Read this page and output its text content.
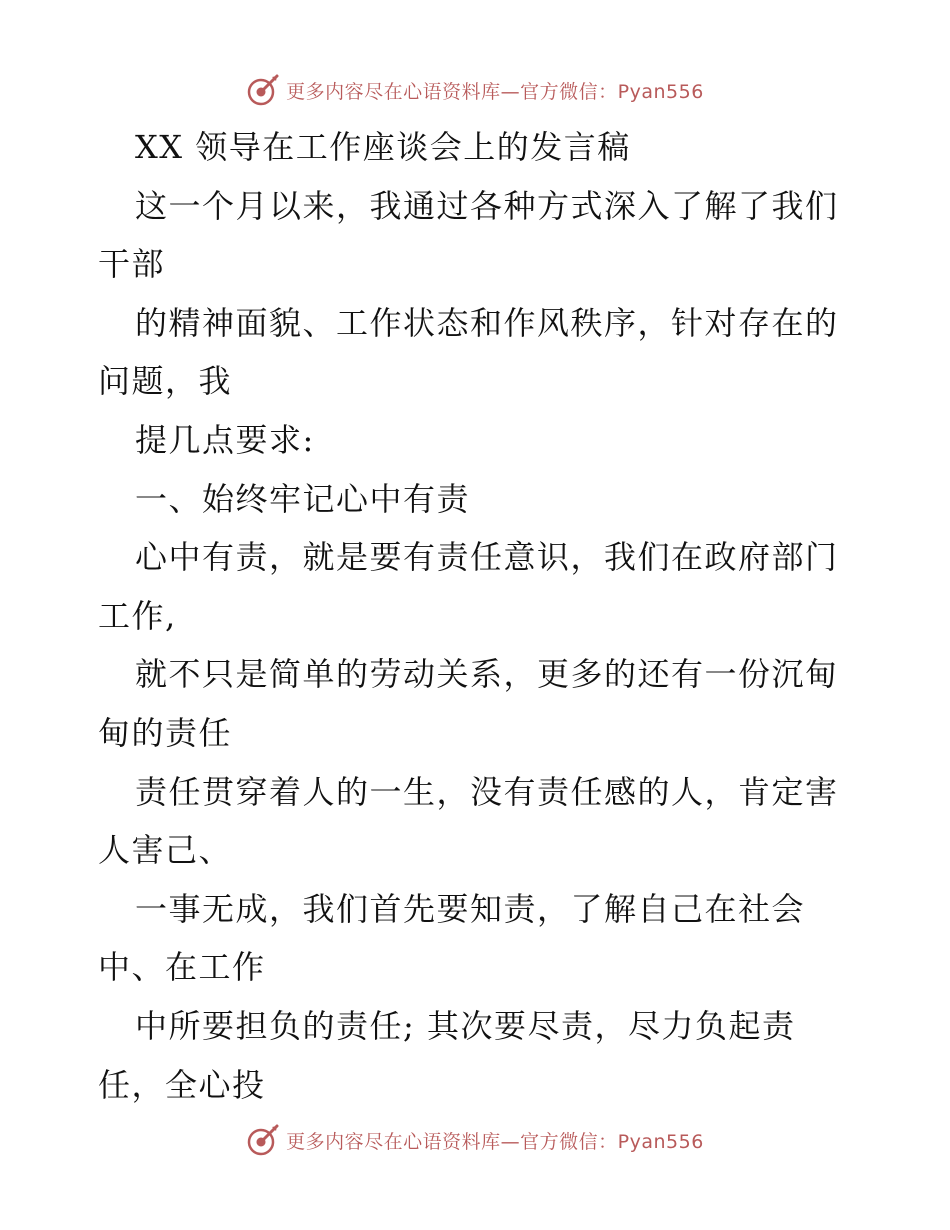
更多内容尽在心语资料库—官方微信：Pyan556
XX 领导在工作座谈会上的发言稿
这一个月以来，我通过各种方式深入了解了我们
干部
的精神面貌、工作状态和作风秩序，针对存在的
问题，我
提几点要求:
一、始终牢记心中有责
心中有责，就是要有责任意识，我们在政府部门
工作,
就不只是简单的劳动关系，更多的还有一份沉甸
甸的责任
责任贯穿着人的一生，没有责任感的人，肯定害
人害己、
一事无成，我们首先要知责，了解自己在社会
中、在工作
中所要担负的责任; 其次要尽责，尽力负起责
任，全心投
更多内容尽在心语资料库—官方微信：Pyan556
